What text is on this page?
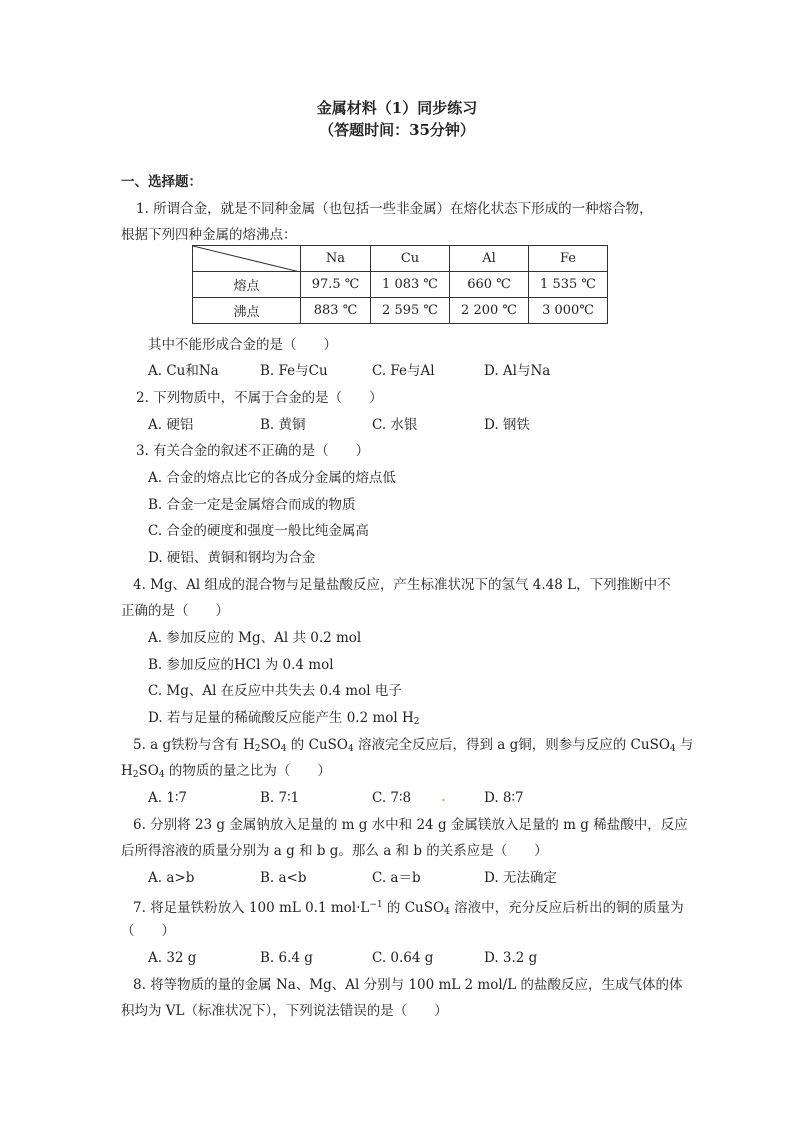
金属材料（1）同步练习
（答题时间：35分钟）
一、选择题：
1. 所谓合金，就是不同种金属（也包括一些非金属）在熔化状态下形成的一种熔合物，
根据下列四种金属的熔沸点：
	Na	Cu	Al	Fe
熔点	97.5 ℃	1 083 ℃	660 ℃	1 535 ℃
沸点	883 ℃	2 595 ℃	2 200 ℃	3 000℃
其中不能形成合金的是（　　）
A. Cu和Na	B. Fe与Cu	C. Fe与Al	D. Al与Na
2. 下列物质中，不属于合金的是（　　）
A. 硬铝	B. 黄铜	C. 水银	D. 钢铁
3. 有关合金的叙述不正确的是（　　）
A. 合金的熔点比它的各成分金属的熔点低
B. 合金一定是金属熔合而成的物质
C. 合金的硬度和强度一般比纯金属高
D. 硬铝、黄铜和钢均为合金
4. Mg、Al 组成的混合物与足量盐酸反应，产生标准状况下的氢气 4.48 L，下列推断中不
正确的是（　　）
A. 参加反应的 Mg、Al 共 0.2 mol
B. 参加反应的HCl 为 0.4 mol
C. Mg、Al 在反应中共失去 0.4 mol 电子
D. 若与足量的稀硫酸反应能产生 0.2 mol $H_2$
5. a g铁粉与含有 $H_2SO_4$ 的 CuSO$_4$ 溶液完全反应后，得到 a g铜，则参与反应的 CuSO$_4$ 与
$H_2SO_4$ 的物质的量之比为（　　）
A. 1∶7	B. 7∶1	C. 7∶8 .	D. 8∶7
6. 分别将 23 g 金属钠放入足量的 m g 水中和 24 g 金属镁放入足量的 m g 稀盐酸中，反应
后所得溶液的质量分别为 a g 和 b g。那么 a 和 b 的关系应是（　　）
A. a>b	B. a<b	C. a＝b	D. 无法确定
7. 将足量铁粉放入 100 mL 0.1 $mol\cdot L^{-1}$ 的 CuSO$_4$ 溶液中，充分反应后析出的铜的质量为
（　　）
A. 32 g	B. 6.4 g	C. 0.64 g	D. 3.2 g
8. 将等物质的量的金属 Na、Mg、Al 分别与 100 mL 2 mol/L 的盐酸反应，生成气体的体
积均为 VL（标准状况下），下列说法错误的是（　　）
